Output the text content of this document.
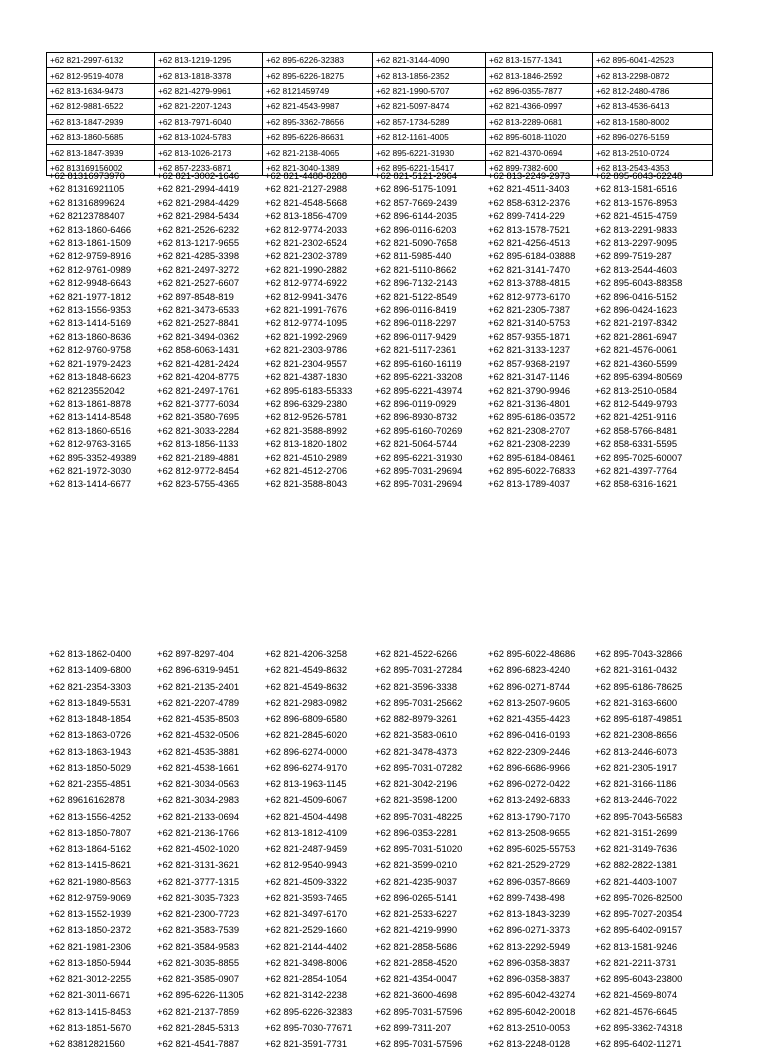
+62 821-2997-6132	+62 813-1219-1295	+62 895-6226-32383	+62 821-3144-4090	+62 813-1577-1341	+62 895-6041-42523
+62 812-9519-4078	+62 813-1818-3378	+62 895-6226-18275	+62 813-1856-2352	+62 813-1846-2592	+62 813-2298-0872
+62 813-1634-9473	+62 821-4279-9961	+62 8121459749	+62 821-1990-5707	+62 896-0355-7877	+62 812-2480-4786
+62 812-9881-6522	+62 821-2207-1243	+62 821-4543-9987	+62 821-5097-8474	+62 821-4366-0997	+62 813-4536-6413
+62 813-1847-2939	+62 813-7971-6040	+62 895-3362-78656	+62 857-1734-5289	+62 813-2289-0681	+62 813-1580-8002
+62 813-1860-5685	+62 813-1024-5783	+62 895-6226-86631	+62 812-1161-4005	+62 895-6018-11020	+62 896-0276-5159
+62 813-1847-3939	+62 813-1026-2173	+62 821-2138-4065	+62 895-6221-31930	+62 821-4370-0694	+62 813-2510-0724
+62 813169156002	+62 857-2233-6871	+62 821-3040-1389	+62 895-6221-15417	+62 899-7382-600	+62 813-2543-4353
+62 81316973970	+62 821-3002-1646	+62 821-4488-8288	+62 821-5121-2964	+62 813-2249-2973	+62 895-6043-62248
+62 81316921105	+62 821-2994-4419	+62 821-2127-2988	+62 896-5175-1091	+62 821-4511-3403	+62 813-1581-6516
+62 81316899624	+62 821-2984-4429	+62 821-4548-5668	+62 857-7669-2439	+62 858-6312-2376	+62 813-1576-8953
+62 82123788407	+62 821-2984-5434	+62 813-1856-4709	+62 896-6144-2035	+62 899-7414-229	+62 821-4515-4759
+62 813-1860-6466	+62 821-2526-6232	+62 812-9774-2033	+62 896-0116-6203	+62 813-1578-7521	+62 813-2291-9833
+62 813-1861-1509	+62 813-1217-9655	+62 821-2302-6524	+62 821-5090-7658	+62 821-4256-4513	+62 813-2297-9095
+62 812-9759-8916	+62 821-4285-3398	+62 821-2302-3789	+62 811-5985-440	+62 895-6184-03888	+62 899-7519-287
+62 812-9761-0989	+62 821-2497-3272	+62 821-1990-2882	+62 821-5110-8662	+62 821-3141-7470	+62 813-2544-4603
+62 812-9948-6643	+62 821-2527-6607	+62 812-9774-6922	+62 896-7132-2143	+62 813-3788-4815	+62 895-6043-88358
+62 821-1977-1812	+62 897-8548-819	+62 812-9941-3476	+62 821-5122-8549	+62 812-9773-6170	+62 896-0416-5152
+62 813-1556-9353	+62 821-3473-6533	+62 821-1991-7676	+62 896-0116-8419	+62 821-2305-7387	+62 896-0424-1623
+62 813-1414-5169	+62 821-2527-8841	+62 812-9774-1095	+62 896-0118-2297	+62 821-3140-5753	+62 821-2197-8342
+62 813-1860-8636	+62 821-3494-0362	+62 821-1992-2969	+62 896-0117-9429	+62 857-9355-1871	+62 821-2861-6947
+62 812-9760-9758	+62 858-6063-1431	+62 821-2303-9786	+62 821-5117-2361	+62 821-3133-1237	+62 821-4576-0061
+62 821-1979-2423	+62 821-4281-2424	+62 821-2304-9557	+62 895-6160-16119	+62 857-9368-2197	+62 821-4360-5599
+62 813-1848-6623	+62 821-4204-8775	+62 821-4387-1830	+62 895-6221-33208	+62 821-3147-1146	+62 895-6394-80569
+62 82123552042	+62 821-2497-1761	+62 895-6183-55333	+62 895-6221-43974	+62 821-3790-9946	+62 813-2510-0584
+62 813-1861-8878	+62 821-3777-6034	+62 896-6329-2380	+62 896-0119-0929	+62 821-3136-4801	+62 812-5449-9793
+62 813-1414-8548	+62 821-3580-7695	+62 812-9526-5781	+62 896-8930-8732	+62 895-6186-03572	+62 821-4251-9116
+62 813-1860-6516	+62 821-3033-2284	+62 821-3588-8992	+62 895-6160-70269	+62 821-2308-2707	+62 858-5766-8481
+62 812-9763-3165	+62 813-1856-1133	+62 813-1820-1802	+62 821-5064-5744	+62 821-2308-2239	+62 858-6331-5595
+62 895-3352-49389	+62 821-2189-4881	+62 821-4510-2989	+62 895-6221-31930	+62 895-6184-08461	+62 895-7025-60007
+62 821-1972-3030	+62 812-9772-8454	+62 821-4512-2706	+62 895-7031-29694	+62 895-6022-76833	+62 821-4397-7764
+62 813-1414-6677	+62 823-5755-4365	+62 821-3588-8043	+62 895-7031-29694	+62 813-1789-4037	+62 858-6316-1621
+62 813-1862-0400	+62 897-8297-404	+62 821-4206-3258	+62 821-4522-6266	+62 895-6022-48686	+62 895-7043-32866
+62 813-1409-6800	+62 896-6319-9451	+62 821-4549-8632	+62 895-7031-27284	+62 896-6823-4240	+62 821-3161-0432
+62 821-2354-3303	+62 821-2135-2401	+62 821-4549-8632	+62 821-3596-3338	+62 896-0271-8744	+62 895-6186-78625
+62 813-1849-5531	+62 821-2207-4789	+62 821-2983-0982	+62 895-7031-25662	+62 813-2507-9605	+62 821-3163-6600
+62 813-1848-1854	+62 821-4535-8503	+62 896-6809-6580	+62 882-8979-3261	+62 821-4355-4423	+62 895-6187-49851
+62 813-1863-0726	+62 821-4532-0506	+62 821-2845-6020	+62 821-3583-0610	+62 896-0416-0193	+62 821-2308-8656
+62 813-1863-1943	+62 821-4535-3881	+62 896-6274-0000	+62 821-3478-4373	+62 822-2309-2446	+62 813-2446-6073
+62 813-1850-5029	+62 821-4538-1661	+62 896-6274-9170	+62 895-7031-07282	+62 896-6686-9966	+62 821-2305-1917
+62 821-2355-4851	+62 821-3034-0563	+62 813-1963-1145	+62 821-3042-2196	+62 896-0272-0422	+62 821-3166-1186
+62 89616162878	+62 821-3034-2983	+62 821-4509-6067	+62 821-3598-1200	+62 813-2492-6833	+62 813-2446-7022
+62 813-1556-4252	+62 821-2133-0694	+62 821-4504-4498	+62 895-7031-48225	+62 813-1790-7170	+62 895-7043-56583
+62 813-1850-7807	+62 821-2136-1766	+62 813-1812-4109	+62 896-0353-2281	+62 813-2508-9655	+62 821-3151-2699
+62 813-1864-5162	+62 821-4502-1020	+62 821-2487-9459	+62 895-7031-51020	+62 895-6025-55753	+62 821-3149-7636
+62 813-1415-8621	+62 821-3131-3621	+62 812-9540-9943	+62 821-3599-0210	+62 821-2529-2729	+62 882-2822-1381
+62 821-1980-8563	+62 821-3777-1315	+62 821-4509-3322	+62 821-4235-9037	+62 896-0357-8669	+62 821-4403-1007
+62 812-9759-9069	+62 821-3035-7323	+62 821-3593-7465	+62 896-0265-5141	+62 899-7438-498	+62 895-7026-82500
+62 813-1552-1939	+62 821-2300-7723	+62 821-3497-6170	+62 821-2533-6227	+62 813-1843-3239	+62 895-7027-20354
+62 813-1850-2372	+62 821-3583-7539	+62 821-2529-1660	+62 821-4219-9990	+62 896-0271-3373	+62 895-6402-09157
+62 821-1981-2306	+62 821-3584-9583	+62 821-2144-4402	+62 821-2858-5686	+62 813-2292-5949	+62 813-1581-9246
+62 813-1850-5944	+62 821-3035-8855	+62 821-3498-8006	+62 821-2858-4520	+62 896-0358-3837	+62 821-2211-3731
+62 821-3012-2255	+62 821-3585-0907	+62 821-2854-1054	+62 821-4354-0047	+62 896-0358-3837	+62 895-6043-23800
+62 821-3011-6671	+62 895-6226-11305	+62 821-3142-2238	+62 821-3600-4698	+62 895-6042-43274	+62 821-4569-8074
+62 813-1415-8453	+62 821-2137-7859	+62 895-6226-32383	+62 895-7031-57596	+62 895-6042-20018	+62 821-4576-6645
+62 813-1851-5670	+62 821-2845-5313	+62 895-7030-77671	+62 899-7311-207	+62 813-2510-0053	+62 895-3362-74318
+62 83812821560	+62 821-4541-7887	+62 821-3591-7731	+62 895-7031-57596	+62 813-2248-0128	+62 895-6402-11271
